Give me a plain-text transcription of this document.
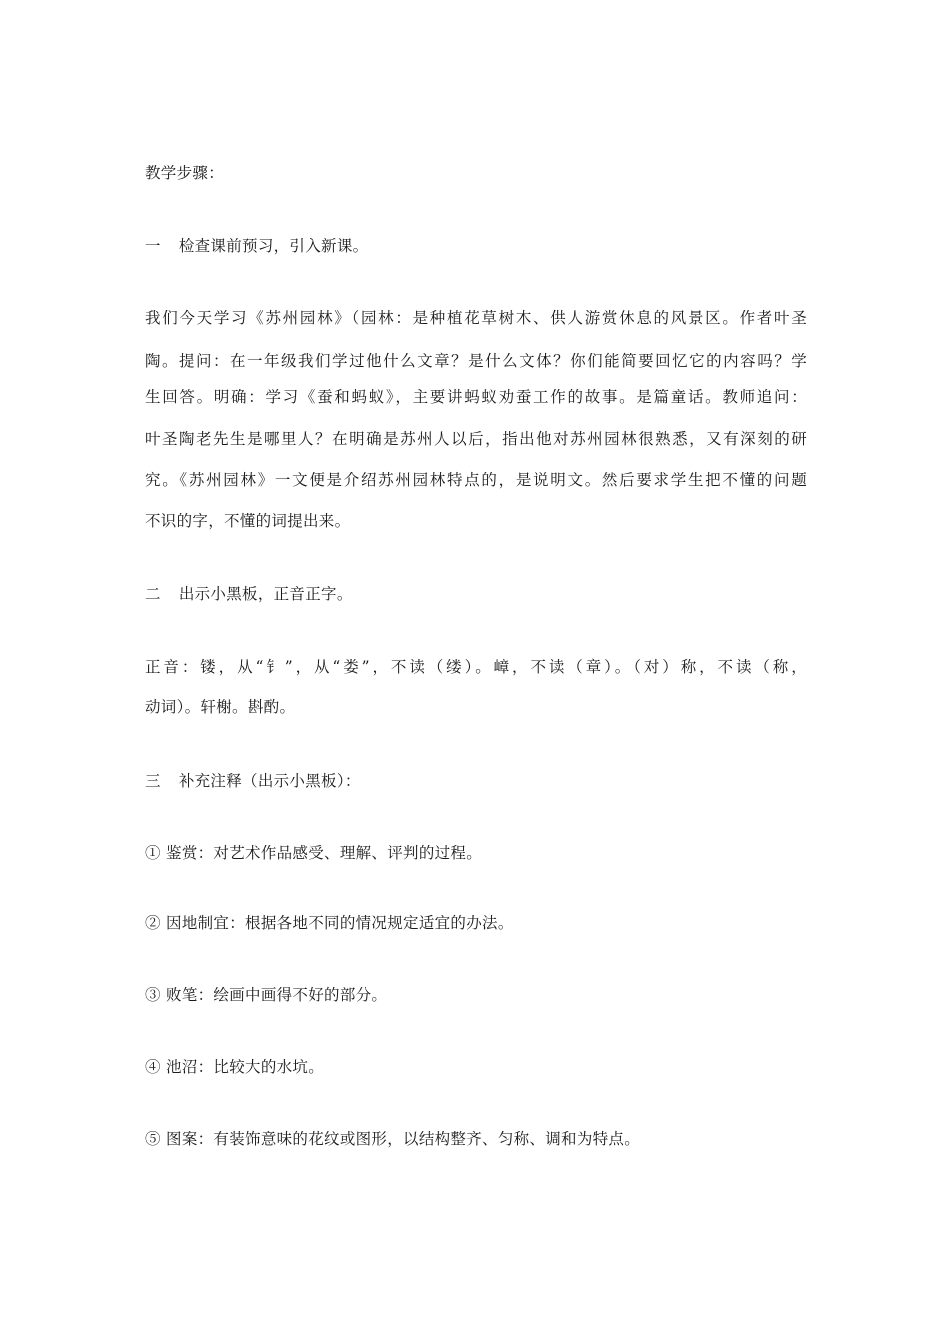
教学步骤：
一 检查课前预习，引入新课。
我们今天学习《苏州园林》（园林：是种植花草树木、供人游赏休息的风景区。作者叶圣
陶。提问：在一年级我们学过他什么文章？是什么文体？你们能简要回忆它的内容吗？学
生回答。明确：学习《蚕和蚂蚁》，主要讲蚂蚁劝蚕工作的故事。是篇童话。教师追问：
叶圣陶老先生是哪里人？在明确是苏州人以后，指出他对苏州园林很熟悉，又有深刻的研
究。《苏州园林》一文便是介绍苏州园林特点的，是说明文。然后要求学生把不懂的问题
不识的字，不懂的词提出来。
二 出示小黑板，正音正字。
正音：镂，从“钅”，从“娄”，不读（缕）。嶂，不读（章）。（对）称，不读（称，
动词）。轩榭。斟酌。
三 补充注释（出示小黑板）：
① 鉴赏：对艺术作品感受、理解、评判的过程。
② 因地制宜：根据各地不同的情况规定适宜的办法。
③ 败笔：绘画中画得不好的部分。
④ 池沼：比较大的水坑。
⑤ 图案：有装饰意味的花纹或图形，以结构整齐、匀称、调和为特点。
